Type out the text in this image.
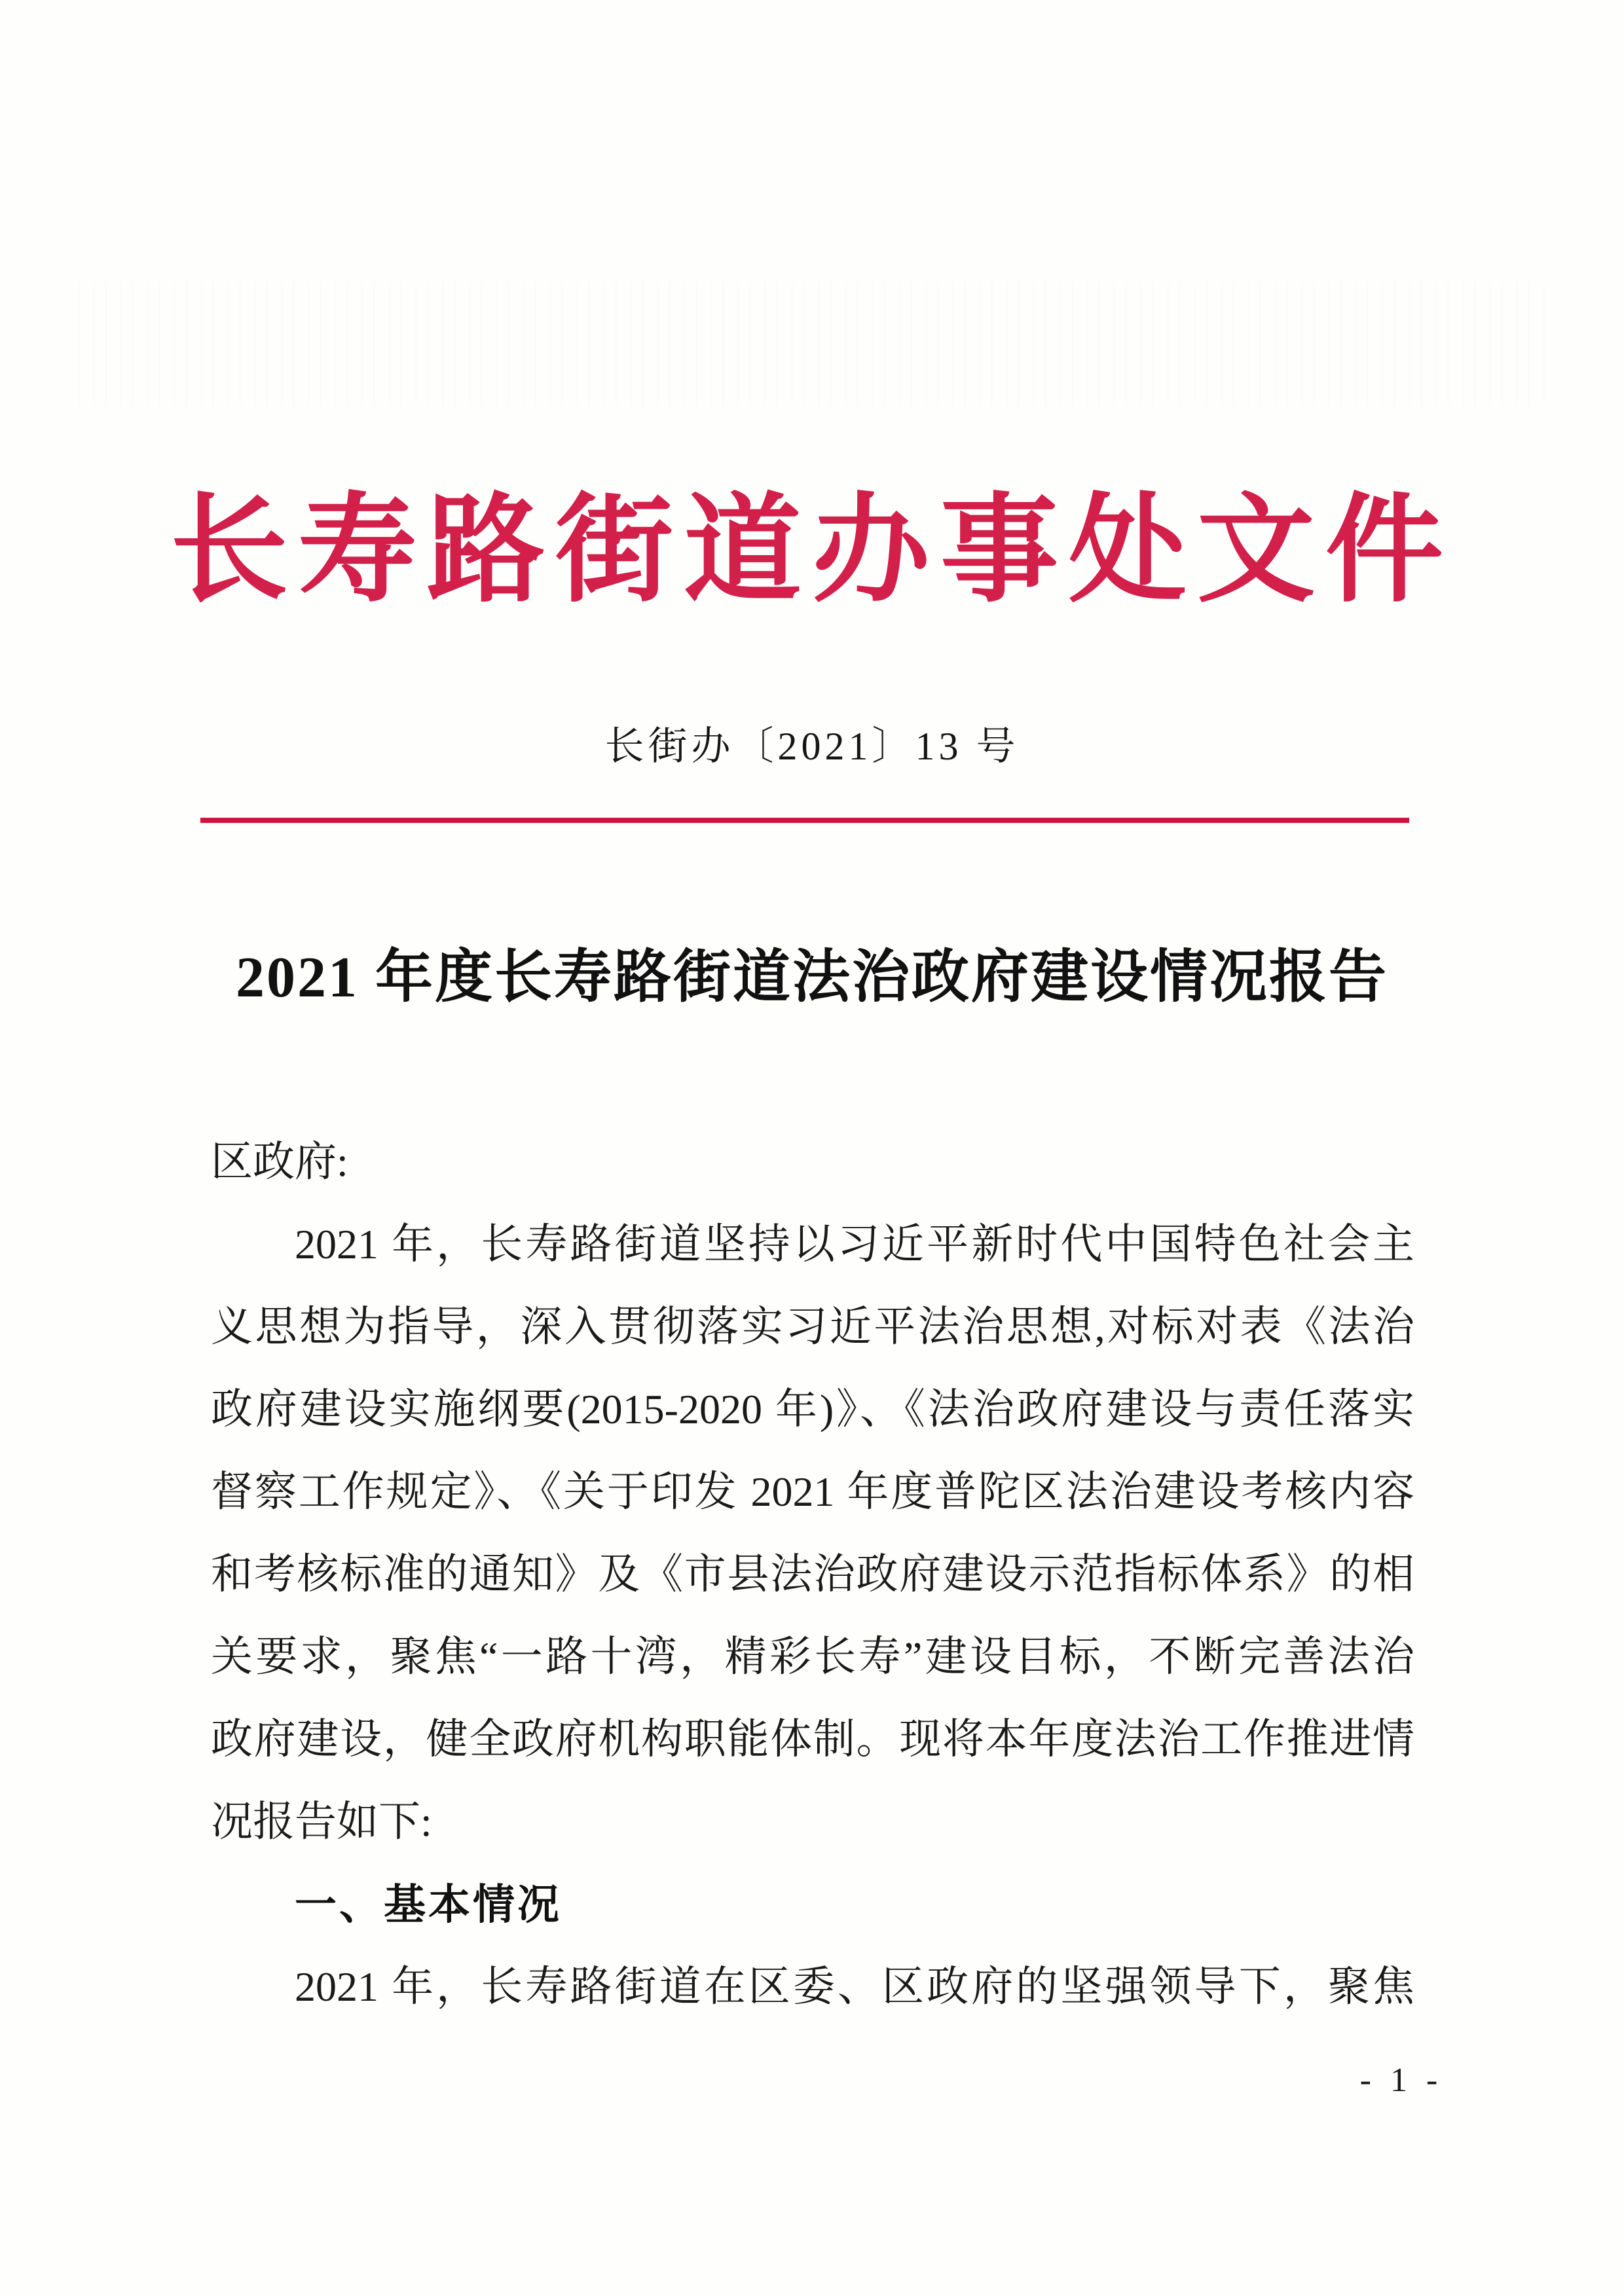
长寿路街道办事处文件
长街办〔2021〕13 号
2021 年度长寿路街道法治政府建设情况报告
区政府:
2021 年，长寿路街道坚持以习近平新时代中国特色社会主
义思想为指导，深入贯彻落实习近平法治思想,对标对表《法治
政府建设实施纲要(2015-2020 年)》、《法治政府建设与责任落实
督察工作规定》、《关于印发 2021 年度普陀区法治建设考核内容
和考核标准的通知》及《市县法治政府建设示范指标体系》的相
关要求，聚焦“一路十湾，精彩长寿”建设目标，不断完善法治
政府建设，健全政府机构职能体制。现将本年度法治工作推进情
况报告如下:
一、基本情况
2021 年，长寿路街道在区委、区政府的坚强领导下，聚焦
- 1 -
